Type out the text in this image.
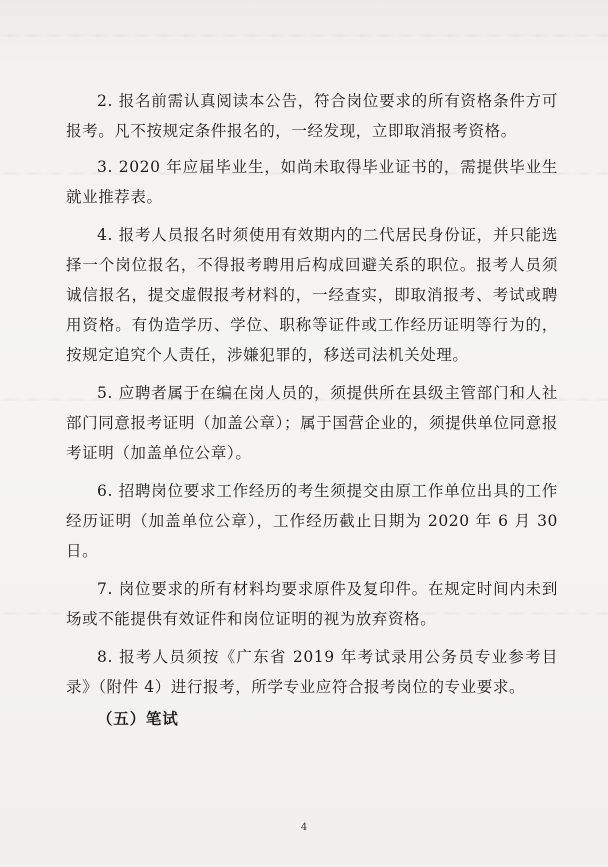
2. 报名前需认真阅读本公告，符合岗位要求的所有资格条件方可报考。凡不按规定条件报名的，一经发现，立即取消报考资格。

3. 2020 年应届毕业生，如尚未取得毕业证书的，需提供毕业生就业推荐表。

4. 报考人员报名时须使用有效期内的二代居民身份证，并只能选择一个岗位报名，不得报考聘用后构成回避关系的职位。报考人员须诚信报名，提交虚假报考材料的，一经查实，即取消报考、考试或聘用资格。有伪造学历、学位、职称等证件或工作经历证明等行为的，按规定追究个人责任，涉嫌犯罪的，移送司法机关处理。

5. 应聘者属于在编在岗人员的，须提供所在县级主管部门和人社部门同意报考证明（加盖公章）；属于国营企业的，须提供单位同意报考证明（加盖单位公章）。

6. 招聘岗位要求工作经历的考生须提交由原工作单位出具的工作经历证明（加盖单位公章），工作经历截止日期为 2020 年 6 月 30 日。

7. 岗位要求的所有材料均要求原件及复印件。在规定时间内未到场或不能提供有效证件和岗位证明的视为放弃资格。

8. 报考人员须按《广东省 2019 年考试录用公务员专业参考目录》（附件 4）进行报考，所学专业应符合报考岗位的专业要求。

（五）笔试

4
